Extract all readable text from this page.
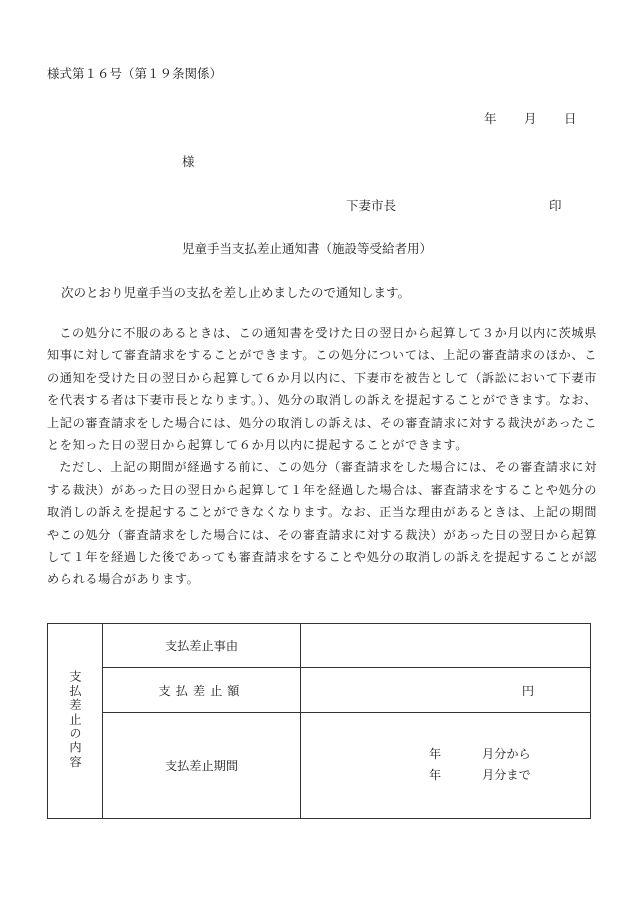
様式第１６号（第１９条関係）
年 月 日
様
下妻市長	印
児童手当支払差止通知書（施設等受給者用）
次のとおり児童手当の支払を差し止めましたので通知します。

この処分に不服のあるときは、この通知書を受けた日の翌日から起算して３か月以内に茨城県知事に対して審査請求をすることができます。この処分については、上記の審査請求のほか、この通知を受けた日の翌日から起算して６か月以内に、下妻市を被告として（訴訟において下妻市を代表する者は下妻市長となります。）、処分の取消しの訴えを提起することができます。なお、上記の審査請求をした場合には、処分の取消しの訴えは、その審査請求に対する裁決があったことを知った日の翌日から起算して６か月以内に提起することができます。

ただし、上記の期間が経過する前に、この処分（審査請求をした場合には、その審査請求に対する裁決）があった日の翌日から起算して１年を経過した場合は、審査請求をすることや処分の取消しの訴えを提起することができなくなります。なお、正当な理由があるときは、上記の期間やこの処分（審査請求をした場合には、その審査請求に対する裁決）があった日の翌日から起算して１年を経過した後であっても審査請求をすることや処分の取消しの訴えを提起することが認められる場合があります。

支払差止の内容	支払差止事由	
	支払差止額	円
	支払差止期間	年 月分から
年 月分まで
